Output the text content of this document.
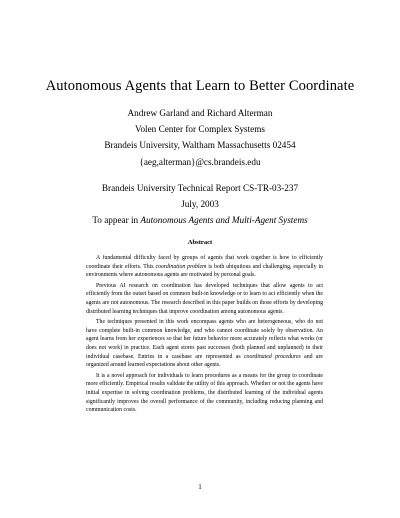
Autonomous Agents that Learn to Better Coordinate
Andrew Garland and Richard Alterman
Volen Center for Complex Systems
Brandeis University, Waltham Massachusetts 02454
{aeg,alterman}@cs.brandeis.edu
Brandeis University Technical Report CS-TR-03-237
July, 2003
To appear in Autonomous Agents and Multi-Agent Systems
Abstract

A fundamental difficulty faced by groups of agents that work together is how to efficiently coordinate their efforts. This coordination problem is both ubiquitous and challenging, especially in environments where autonomous agents are motivated by personal goals.

Previous AI research on coordination has developed techniques that allow agents to act efficiently from the outset based on common built-in knowledge or to learn to act efficiently when the agents are not autonomous. The research described in this paper builds on those efforts by developing distributed learning techniques that improve coordination among autonomous agents.

The techniques presented in this work encompass agents who are heterogeneous, who do not have complete built-in common knowledge, and who cannot coordinate solely by observation. An agent learns from her experiences so that her future behavior more accurately reflects what works (or does not work) in practice. Each agent stores past successes (both planned and unplanned) in their individual casebase. Entries in a casebase are represented as coordinated procedures and are organized around learned expectations about other agents.

It is a novel approach for individuals to learn procedures as a means for the group to coordinate more efficiently. Empirical results validate the utility of this approach. Whether or not the agents have initial expertise in solving coordination problems, the distributed learning of the individual agents significantly improves the overall performance of the community, including reducing planning and communication costs.

1
